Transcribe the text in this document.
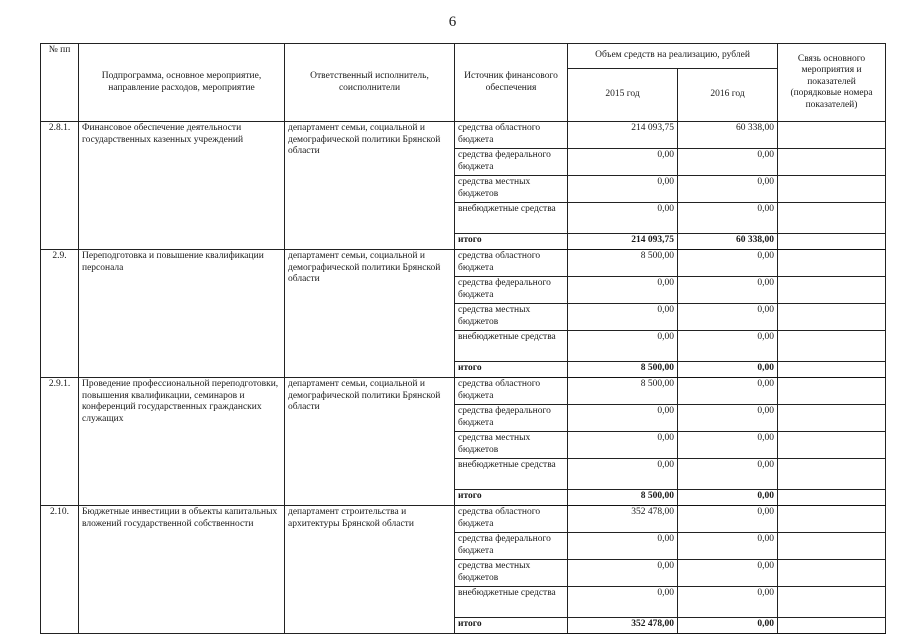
6
№ пп	Подпрограмма, основное мероприятие, направление расходов, мероприятие	Ответственный исполнитель, соисполнители	Источник финансового обеспечения	Объем средств на реализацию, рублей		Связь основного мероприятия и показателей (порядковые номера показателей)
				2015 год	2016 год	
2.8.1.	Финансовое обеспечение деятельности государственных казенных учреждений	департамент семьи, социальной и демографической политики Брянской области	средства областного бюджета	214 093,75	60 338,00	
			средства федерального бюджета	0,00	0,00	
			средства местных бюджетов	0,00	0,00	
			внебюджетные средства	0,00	0,00	
			итого	214 093,75	60 338,00	
2.9.	Переподготовка и повышение квалификации персонала	департамент семьи, социальной и демографической политики Брянской области	средства областного бюджета	8 500,00	0,00	
			средства федерального бюджета	0,00	0,00	
			средства местных бюджетов	0,00	0,00	
			внебюджетные средства	0,00	0,00	
			итого	8 500,00	0,00	
2.9.1.	Проведение профессиональной переподготовки, повышения квалификации, семинаров и конференций государственных гражданских служащих	департамент семьи, социальной и демографической политики Брянской области	средства областного бюджета	8 500,00	0,00	
			средства федерального бюджета	0,00	0,00	
			средства местных бюджетов	0,00	0,00	
			внебюджетные средства	0,00	0,00	
			итого	8 500,00	0,00	
2.10.	Бюджетные инвестиции в объекты капитальных вложений государственной собственности	департамент строительства и архитектуры Брянской области	средства областного бюджета	352 478,00	0,00	
			средства федерального бюджета	0,00	0,00	
			средства местных бюджетов	0,00	0,00	
			внебюджетные средства	0,00	0,00	
			итого	352 478,00	0,00	
